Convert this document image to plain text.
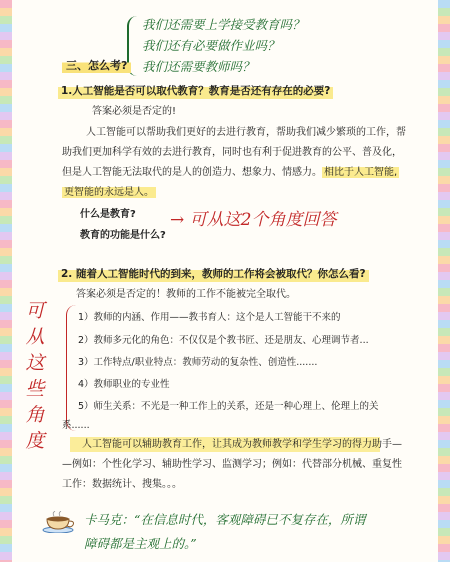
我们还需要上学接受教育吗？
我们还有必要做作业吗？
我们还需要教师吗？
三、怎么考?
1.人工智能是否可以取代教育？教育是否还有存在的必要?
答案必须是否定的!
人工智能可以帮助我们更好的去进行教育，帮助我们减少繁琐的工作，帮
助我们更加科学有效的去进行教育，同时也有利于促进教育的公平、普及化，
但是人工智能无法取代的是人的创造力、想象力、情感力。 相比于人工智能,
更智能的永远是人。
什么是教育?
教育的功能是什么?
→ 可从这2个角度回答
2. 随着人工智能时代的到来，教师的工作将会被取代？你怎么看?
答案必须是否定的！教师的工作不能被完全取代。
可
从
这
些
角
度
1）教师的内涵、作用——教书育人：这个是人工智能干不来的
2）教师多元化的角色：不仅仅是个教书匠、还是朋友、心理调节者...
3）工作特点/职业特点：教师劳动的复杂性、创造性.......
4）教师职业的专业性
5）师生关系：不光是一种工作上的关系，还是一种心理上、伦理上的关
系......
人工智能可以辅助教育工作，让其成为教师教学和学生学习的得力助手—
—例如：个性化学习、辅助性学习、监测学习；例如：代替部分机械、重复性
工作：数据统计、搜集。。。
卡马克：“在信息时代，客观障碍已不复存在，所谓
障碍都是主观上的。”
